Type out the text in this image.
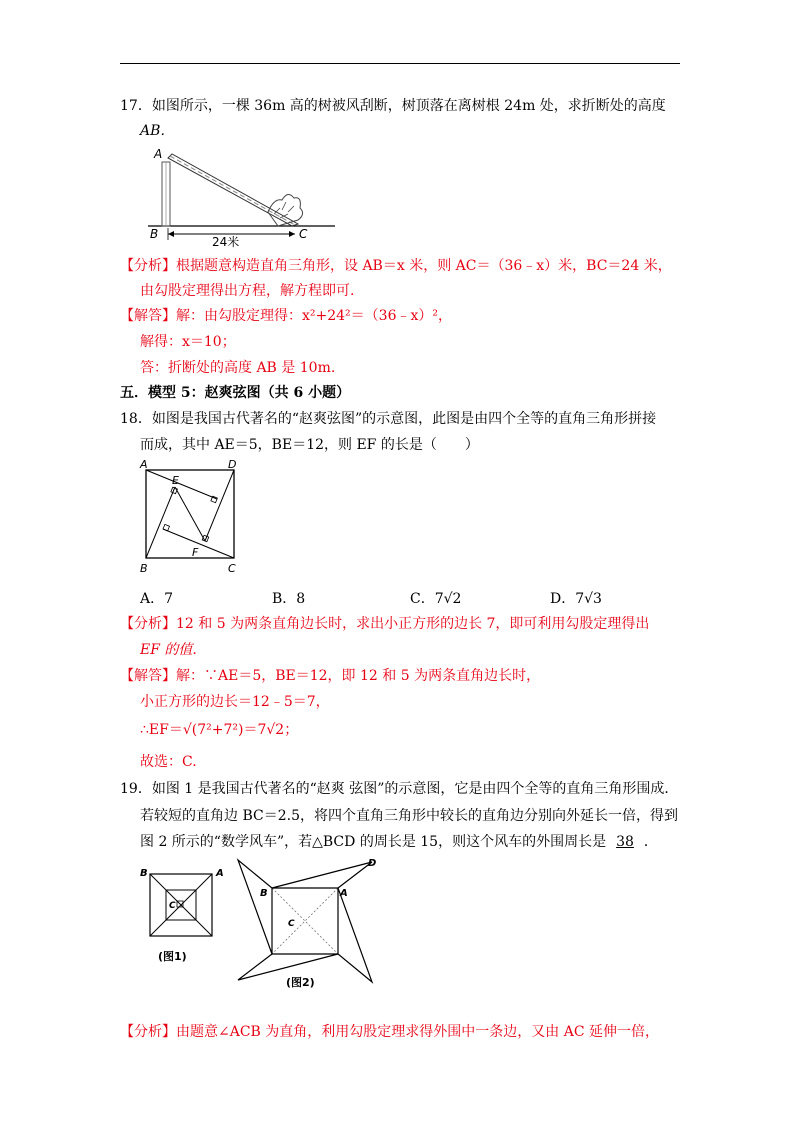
17．如图所示，一棵 36m 高的树被风刮断，树顶落在离树根 24m 处，求折断处的高度
AB．
A
B	C
24米
【分析】根据题意构造直角三角形，设 AB＝x 米，则 AC＝（36﹣x）米，BC＝24 米，
由勾股定理得出方程，解方程即可.
【解答】解：由勾股定理得：x²+24²＝（36﹣x）²，
解得：x＝10；
答：折断处的高度 AB 是 10m.
五．模型 5：赵爽弦图（共 6 小题）
18．如图是我国古代著名的“赵爽弦图”的示意图，此图是由四个全等的直角三角形拼接
而成，其中 AE＝5，BE＝12，则 EF 的长是（　　）
A	D
B	C
E
F
A．7	B．8	C．7√2	D．7√3
【分析】12 和 5 为两条直角边长时，求出小正方形的边长 7，即可利用勾股定理得出
EF 的值.
【解答】解：∵AE＝5，BE＝12，即 12 和 5 为两条直角边长时，
小正方形的边长＝12﹣5＝7，
∴EF＝√(7²+7²)＝7√2；
故选：C.
19．如图 1 是我国古代著名的“赵爽 弦图”的示意图，它是由四个全等的直角三角形围成．
若较短的直角边 BC＝2.5，将四个直角三角形中较长的直角边分别向外延长一倍，得到
图 2 所示的“数学风车”，若△BCD 的周长是 15，则这个风车的外围周长是 38 ．
B	A
C
(图1)
B	A
D
C
(图2)
【分析】由题意∠ACB 为直角，利用勾股定理求得外围中一条边，又由 AC 延伸一倍，
